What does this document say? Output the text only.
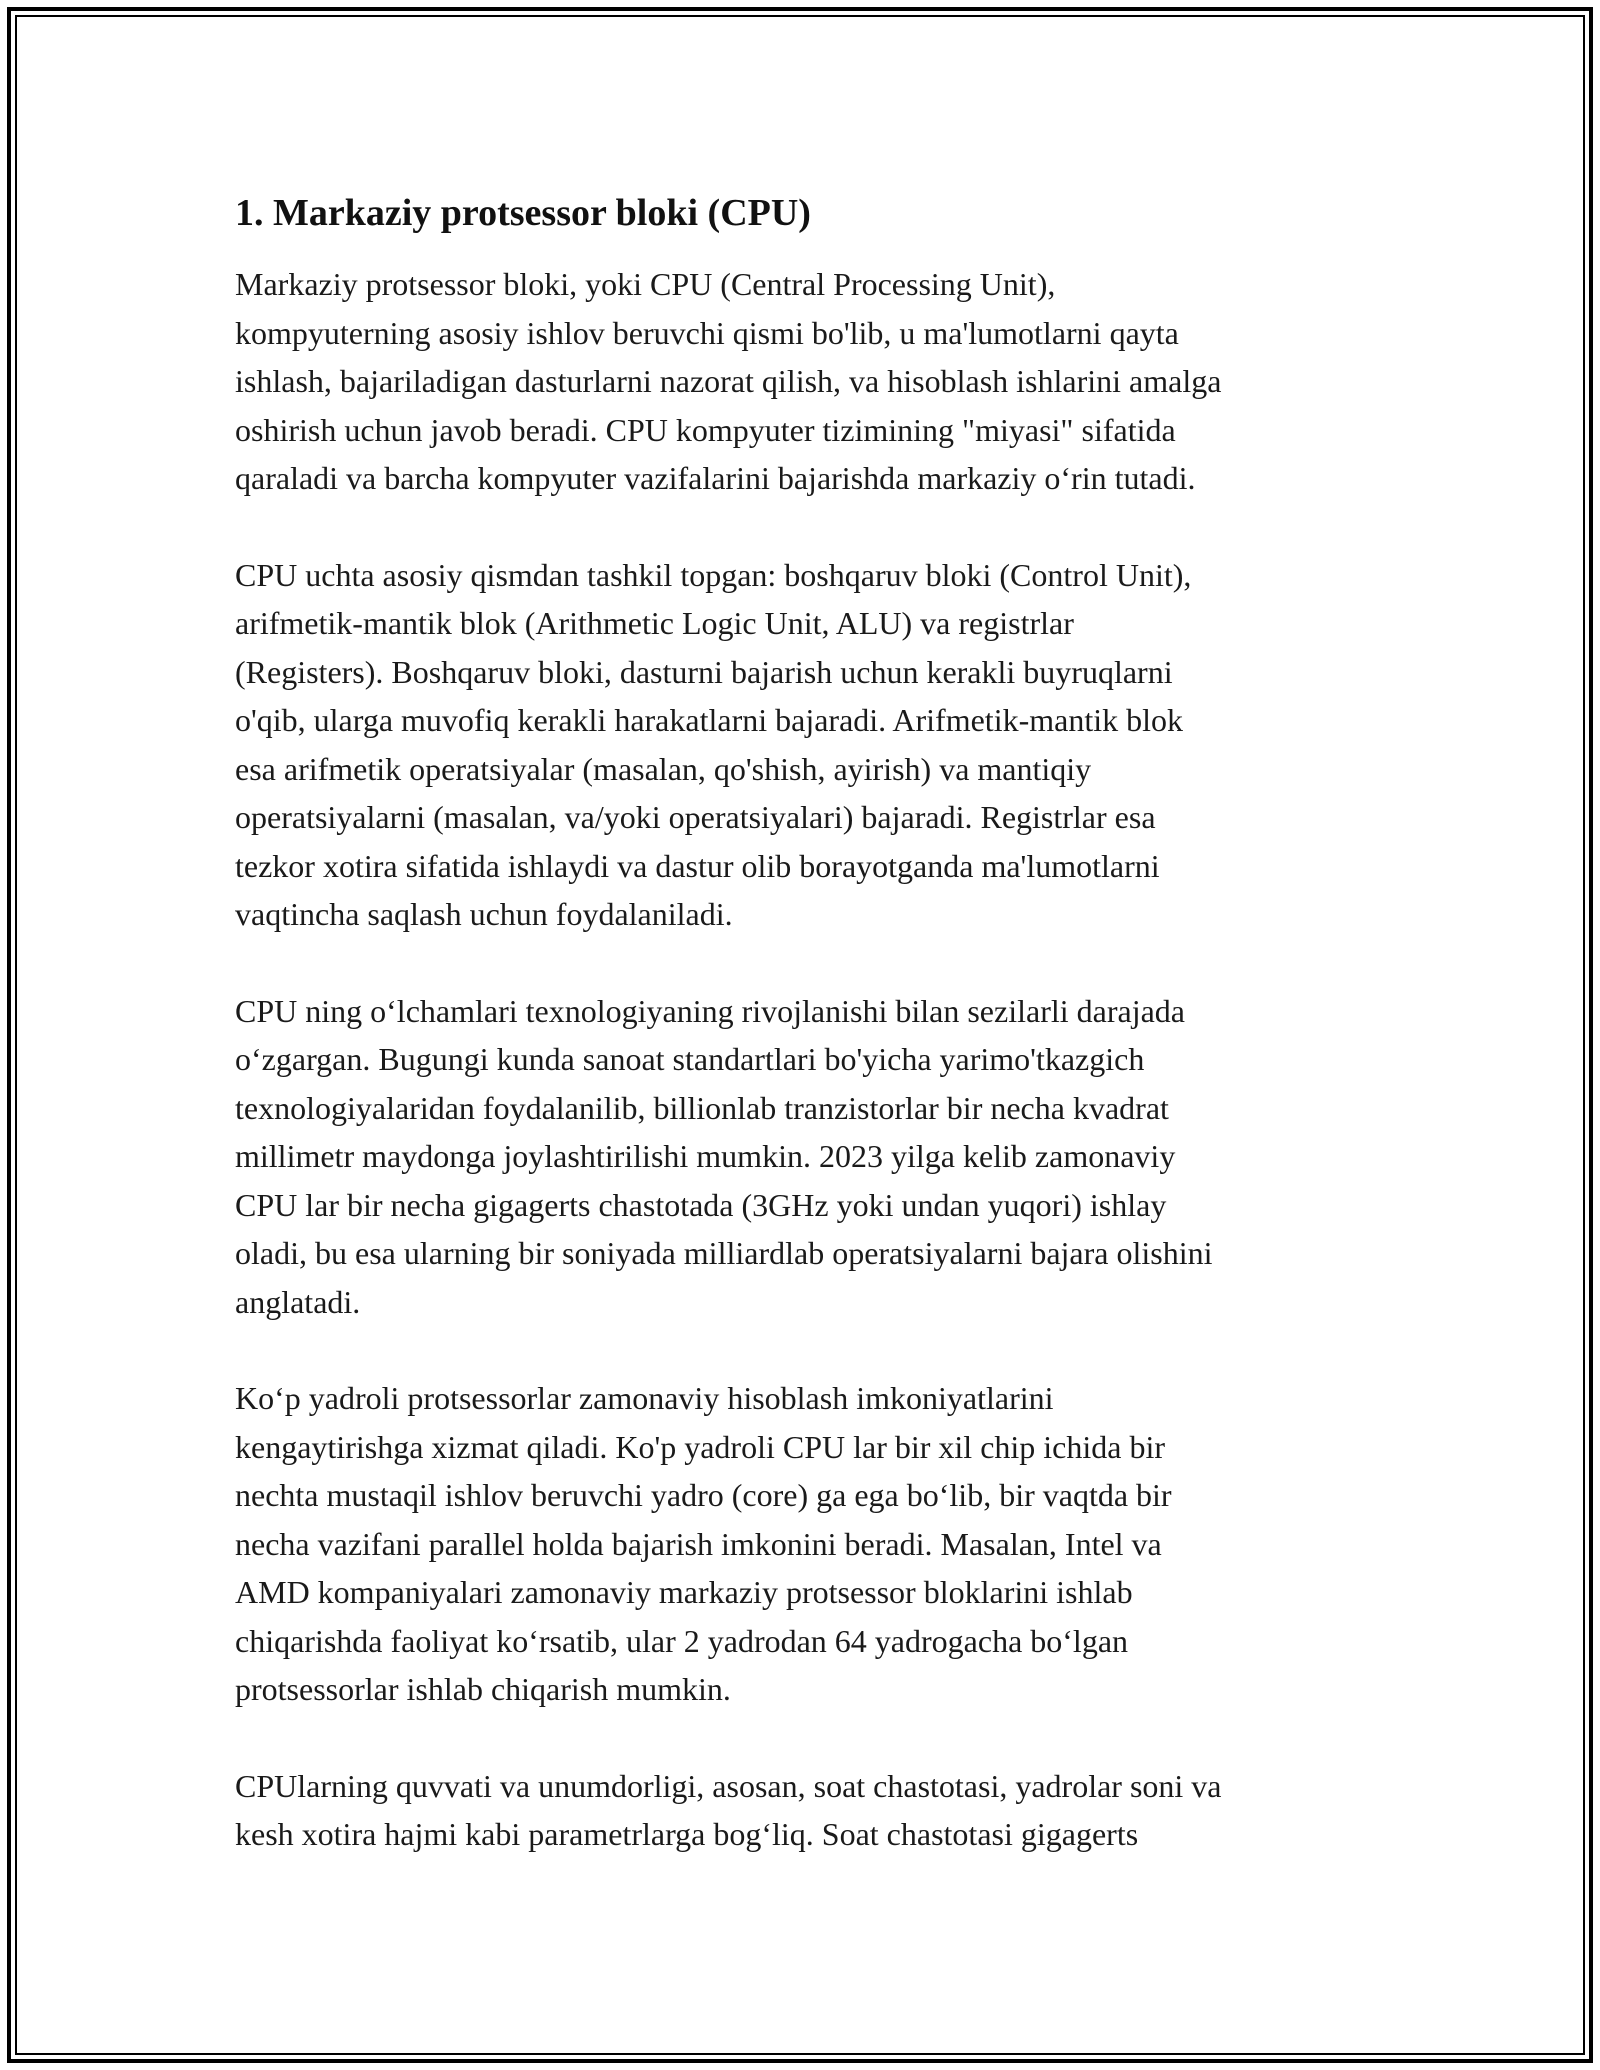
1. Markaziy protsessor bloki (CPU)

Markaziy protsessor bloki, yoki CPU (Central Processing Unit),
kompyuterning asosiy ishlov beruvchi qismi bo'lib, u ma'lumotlarni qayta
ishlash, bajariladigan dasturlarni nazorat qilish, va hisoblash ishlarini amalga
oshirish uchun javob beradi. CPU kompyuter tizimining "miyasi" sifatida
qaraladi va barcha kompyuter vazifalarini bajarishda markaziy oʻrin tutadi.

CPU uchta asosiy qismdan tashkil topgan: boshqaruv bloki (Control Unit),
arifmetik-mantik blok (Arithmetic Logic Unit, ALU) va registrlar
(Registers). Boshqaruv bloki, dasturni bajarish uchun kerakli buyruqlarni
o'qib, ularga muvofiq kerakli harakatlarni bajaradi. Arifmetik-mantik blok
esa arifmetik operatsiyalar (masalan, qo'shish, ayirish) va mantiqiy
operatsiyalarni (masalan, va/yoki operatsiyalari) bajaradi. Registrlar esa
tezkor xotira sifatida ishlaydi va dastur olib borayotganda ma'lumotlarni
vaqtincha saqlash uchun foydalaniladi.

CPU ning oʻlchamlari texnologiyaning rivojlanishi bilan sezilarli darajada
oʻzgargan. Bugungi kunda sanoat standartlari bo'yicha yarimo'tkazgich
texnologiyalaridan foydalanilib, billionlab tranzistorlar bir necha kvadrat
millimetr maydonga joylashtirilishi mumkin. 2023 yilga kelib zamonaviy
CPU lar bir necha gigagerts chastotada (3GHz yoki undan yuqori) ishlay
oladi, bu esa ularning bir soniyada milliardlab operatsiyalarni bajara olishini
anglatadi.

Koʻp yadroli protsessorlar zamonaviy hisoblash imkoniyatlarini
kengaytirishga xizmat qiladi. Ko'p yadroli CPU lar bir xil chip ichida bir
nechta mustaqil ishlov beruvchi yadro (core) ga ega boʻlib, bir vaqtda bir
necha vazifani parallel holda bajarish imkonini beradi. Masalan, Intel va
AMD kompaniyalari zamonaviy markaziy protsessor bloklarini ishlab
chiqarishda faoliyat koʻrsatib, ular 2 yadrodan 64 yadrogacha boʻlgan
protsessorlar ishlab chiqarish mumkin.

CPUlarning quvvati va unumdorligi, asosan, soat chastotasi, yadrolar soni va
kesh xotira hajmi kabi parametrlarga bogʻliq. Soat chastotasi gigagerts
